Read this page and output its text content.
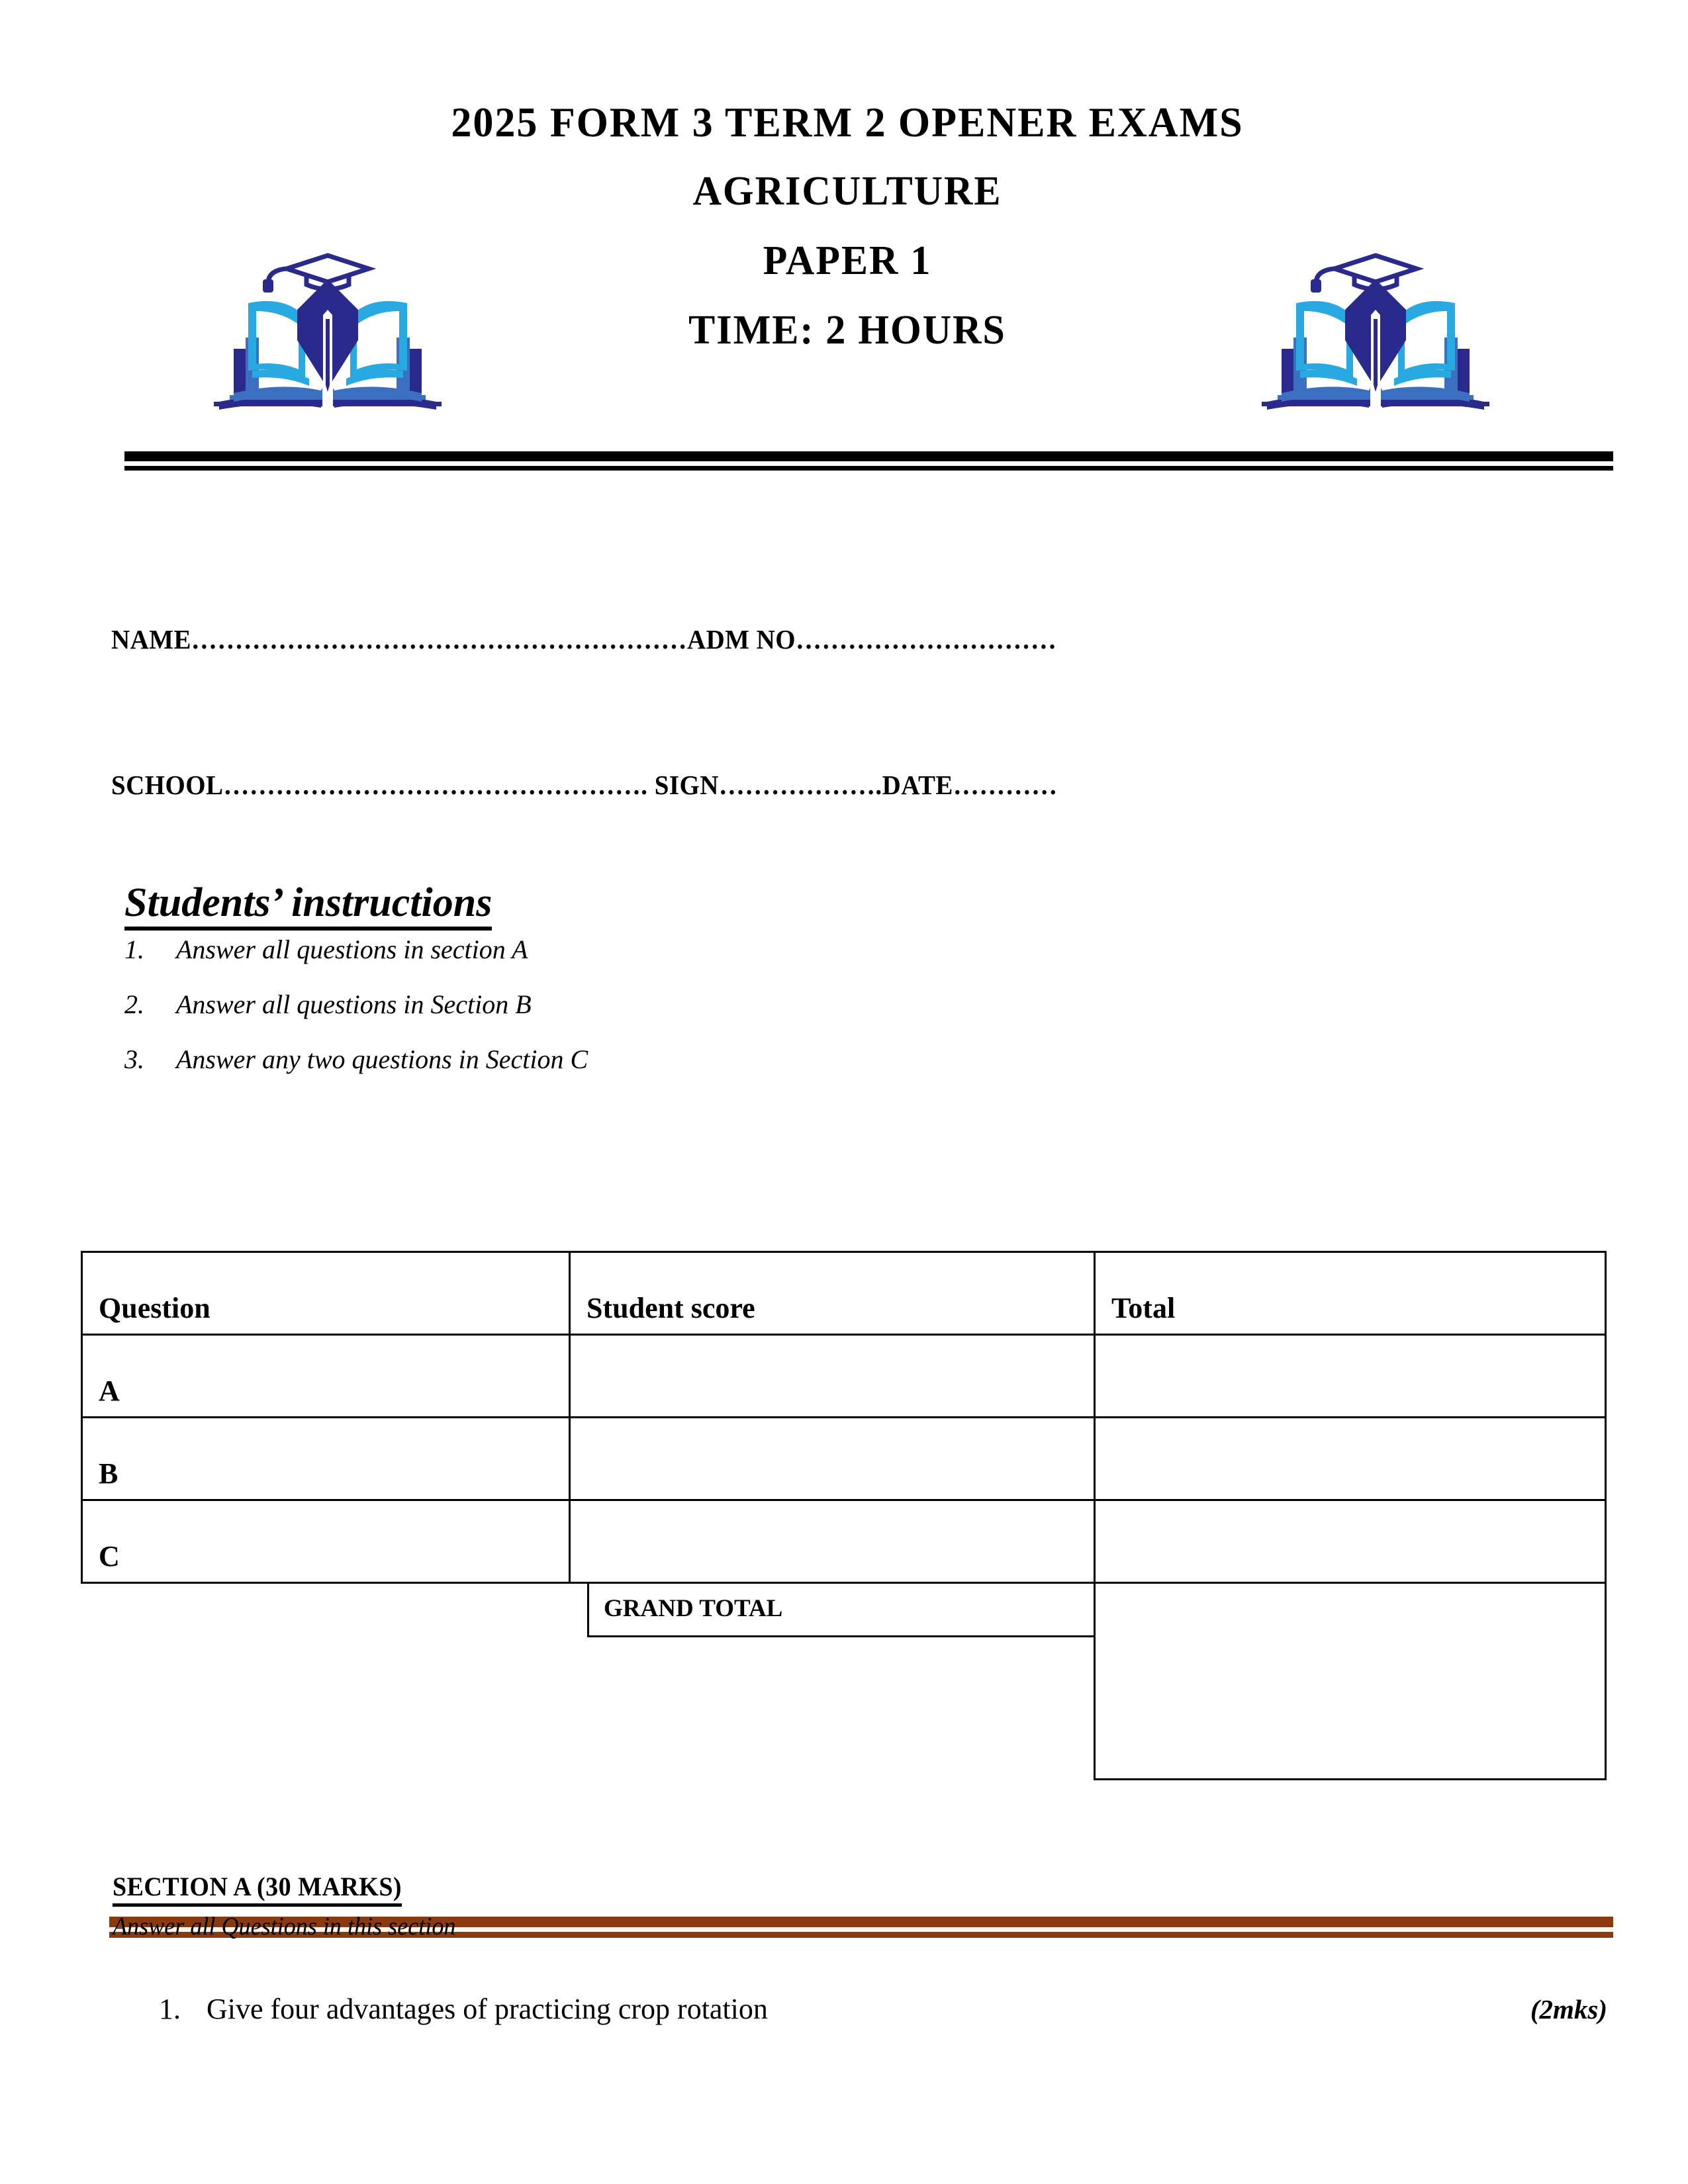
2025 FORM 3 TERM 2 OPENER EXAMS
AGRICULTURE
PAPER 1
TIME: 2 HOURS
NAME…………………………………………………ADM NO…………………………
SCHOOL…………………………………………. SIGN……………….DATE…………
Students’ instructions
1.	Answer all questions in section A
2.	Answer all questions in Section B
3.	Answer any two questions in Section C
Question	Student score	Total
A
B
C
GRAND TOTAL
SECTION A (30 MARKS)
Answer all Questions in this section
1. Give four advantages of practicing crop rotation	(2mks)
